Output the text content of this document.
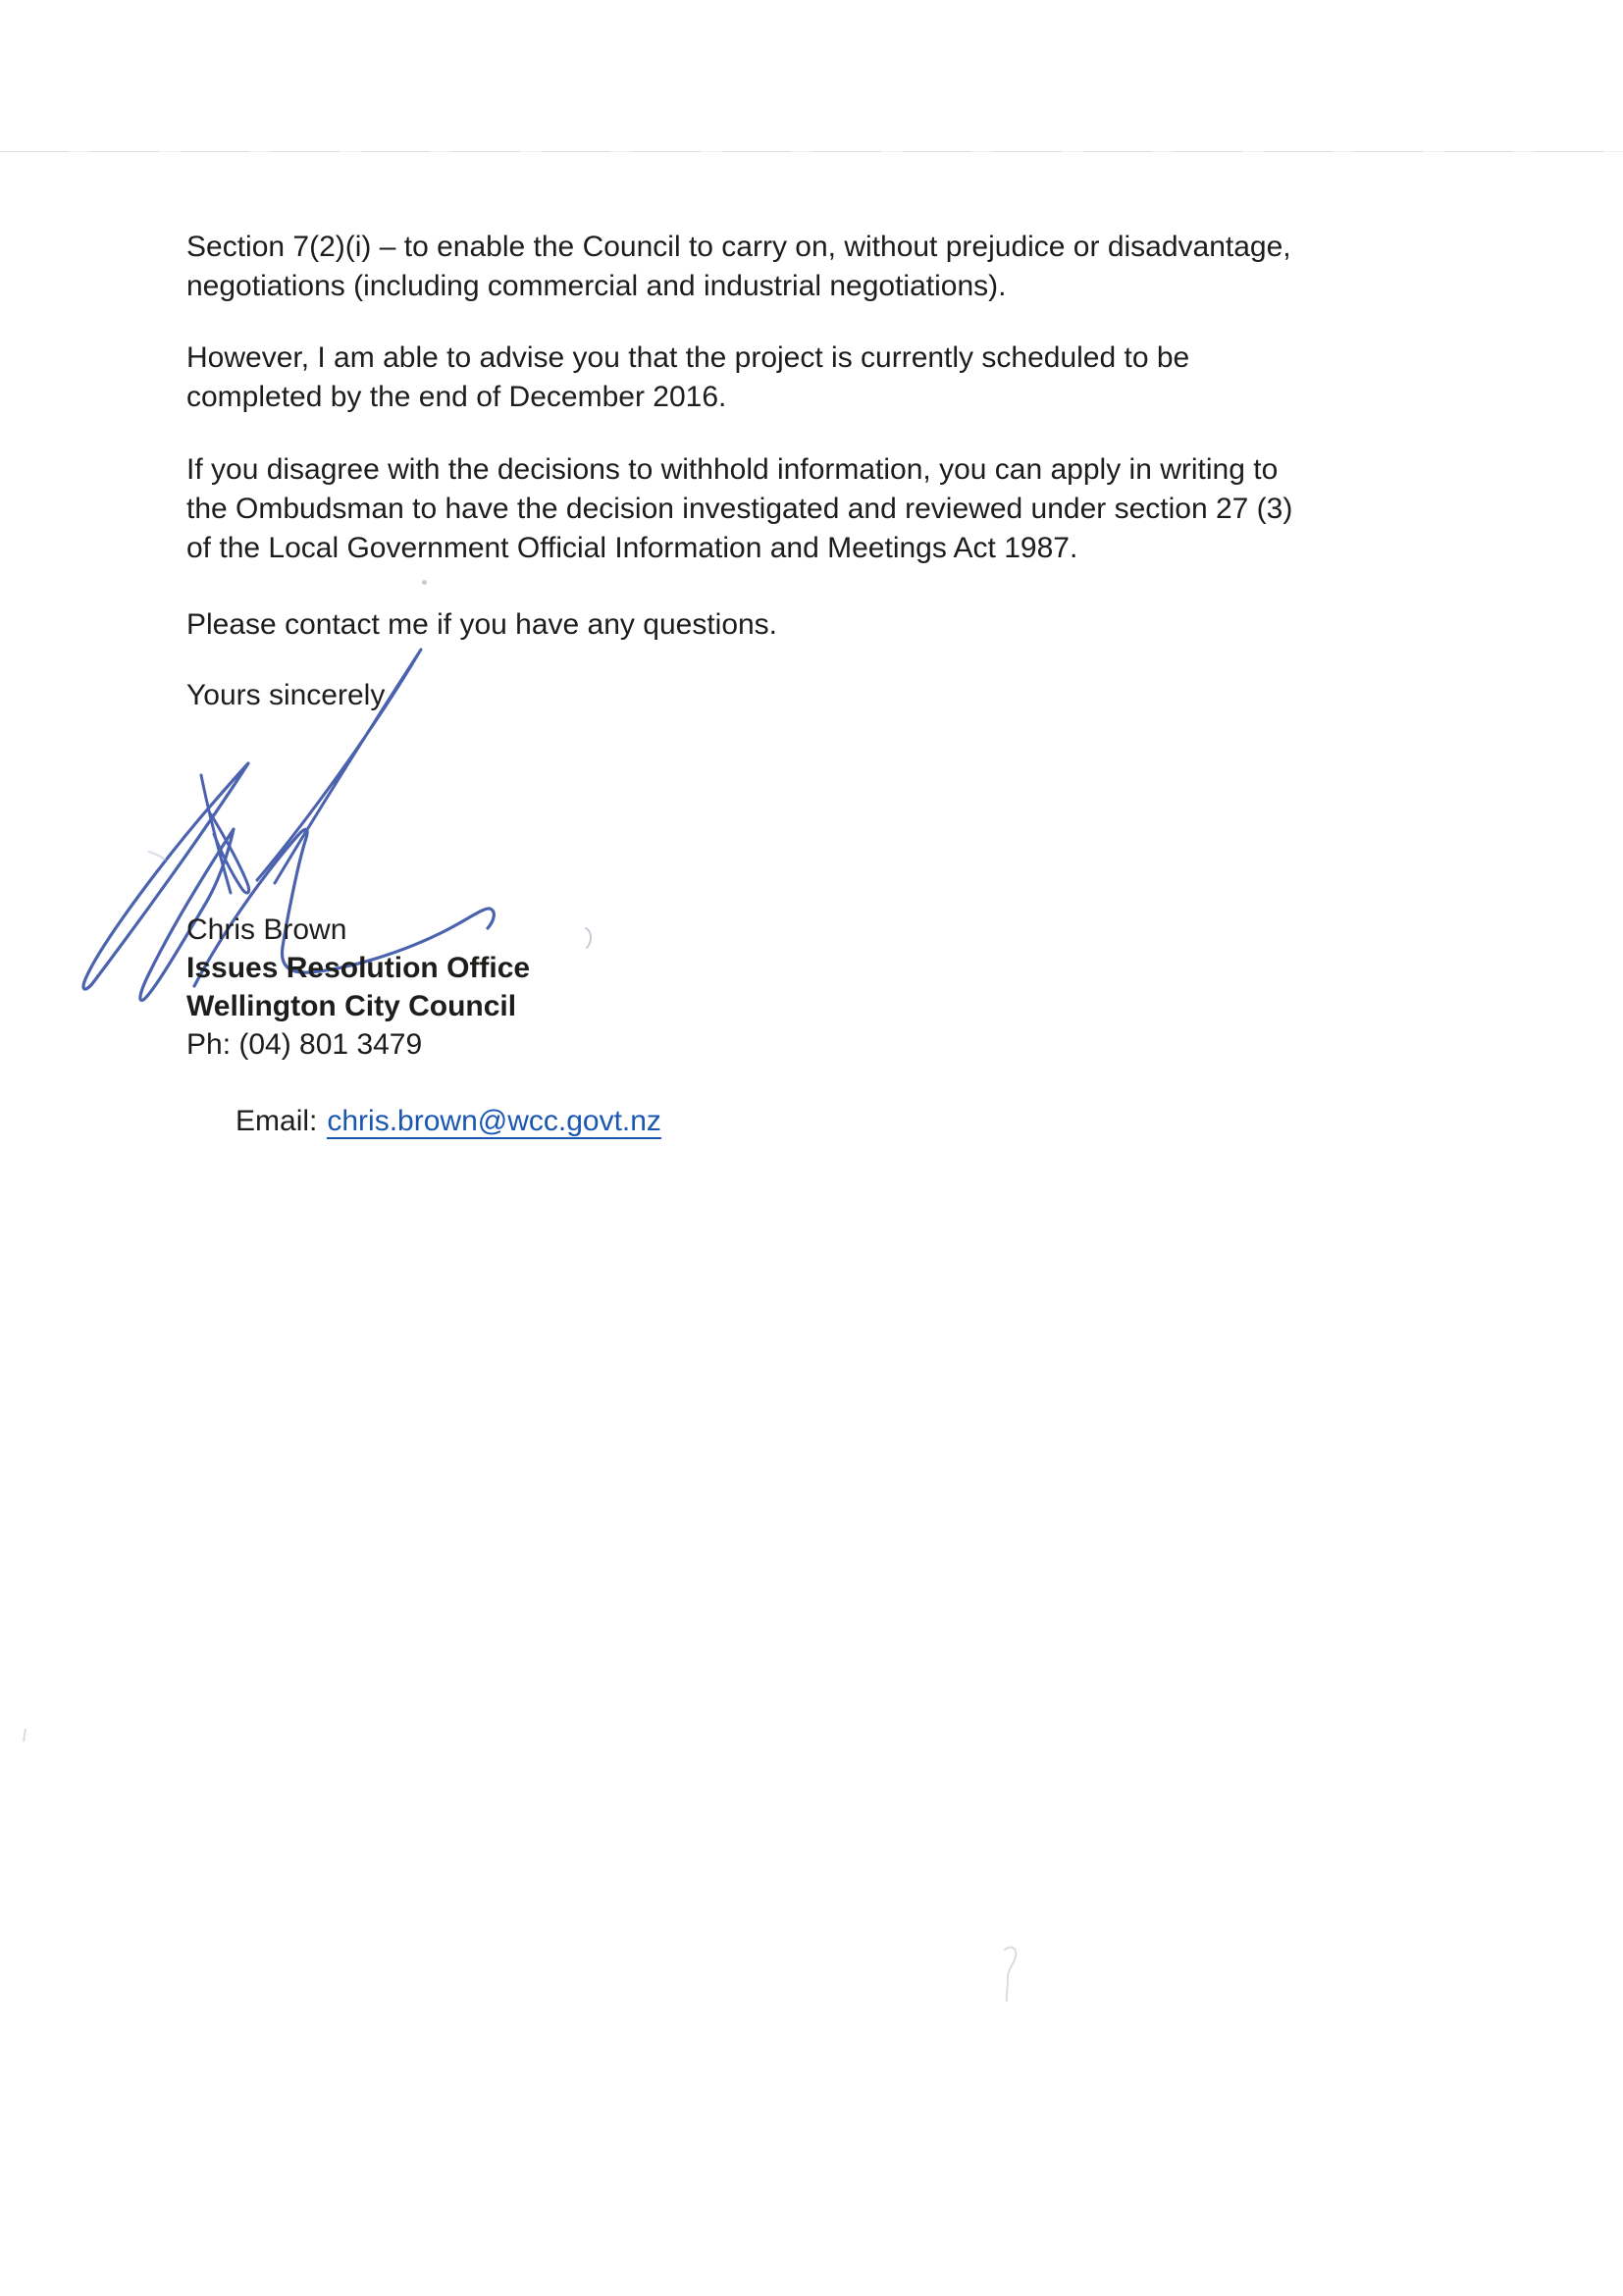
Section 7(2)(i) – to enable the Council to carry on, without prejudice or disadvantage,
negotiations (including commercial and industrial negotiations).
However, I am able to advise you that the project is currently scheduled to be
completed by the end of December 2016.
If you disagree with the decisions to withhold information, you can apply in writing to
the Ombudsman to have the decision investigated and reviewed under section 27 (3)
of the Local Government Official Information and Meetings Act 1987.
Please contact me if you have any questions.
Yours sincerely
Chris Brown
Issues Resolution Office
Wellington City Council
Ph: (04) 801 3479

Email: chris.brown@wcc.govt.nz
